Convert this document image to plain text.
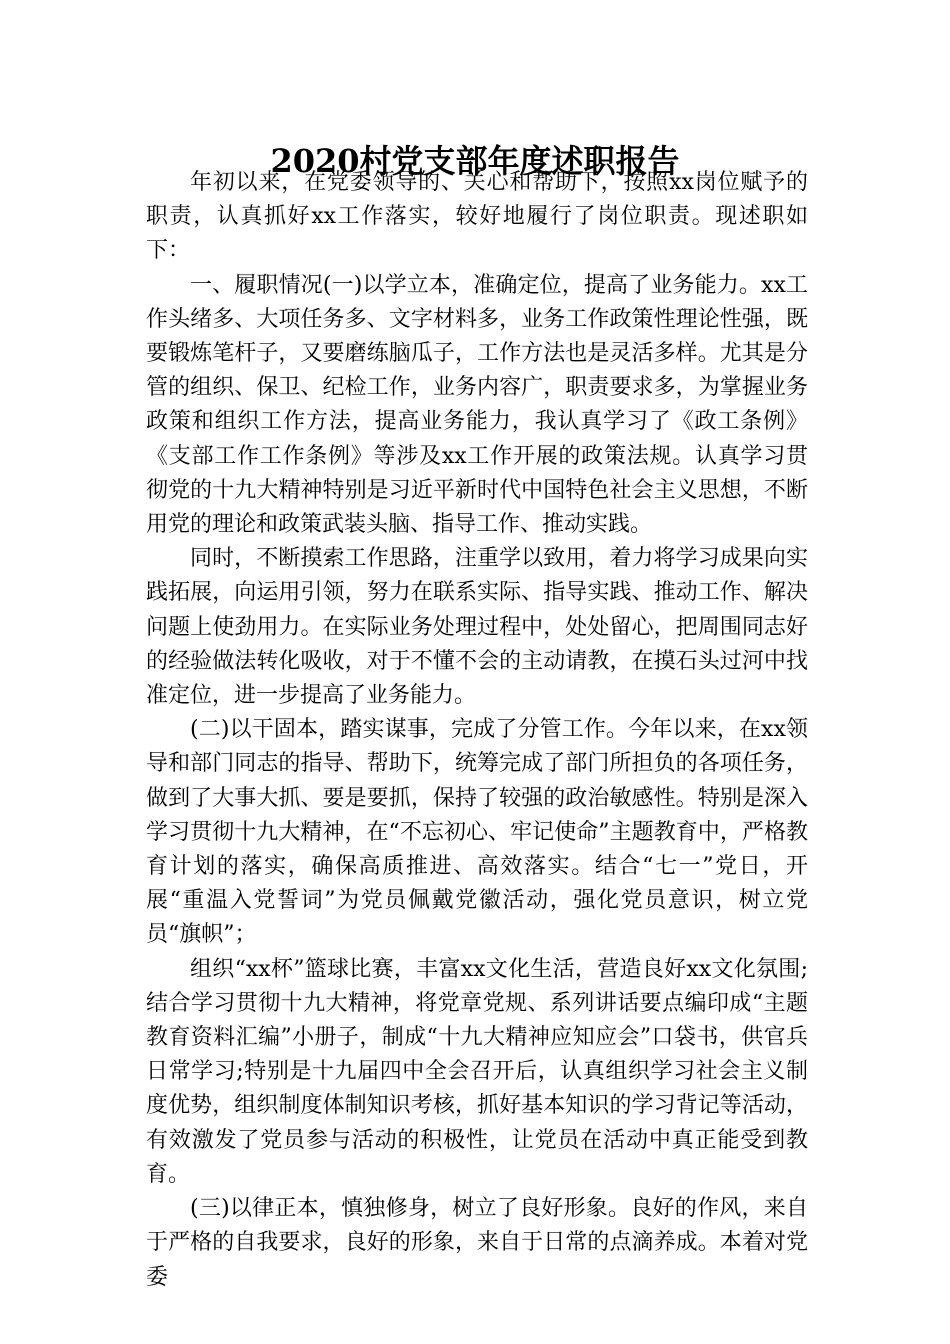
2020村党支部年度述职报告

年初以来，在党委领导的、关心和帮助下，按照xx岗位赋予的职责，认真抓好xx工作落实，较好地履行了岗位职责。现述职如下：

一、履职情况(一)以学立本，准确定位，提高了业务能力。xx工作头绪多、大项任务多、文字材料多，业务工作政策性理论性强，既要锻炼笔杆子，又要磨练脑瓜子，工作方法也是灵活多样。尤其是分管的组织、保卫、纪检工作，业务内容广，职责要求多，为掌握业务政策和组织工作方法，提高业务能力，我认真学习了《政工条例》《支部工作工作条例》等涉及xx工作开展的政策法规。认真学习贯彻党的十九大精神特别是习近平新时代中国特色社会主义思想，不断用党的理论和政策武装头脑、指导工作、推动实践。

同时，不断摸索工作思路，注重学以致用，着力将学习成果向实践拓展，向运用引领，努力在联系实际、指导实践、推动工作、解决问题上使劲用力。在实际业务处理过程中，处处留心，把周围同志好的经验做法转化吸收，对于不懂不会的主动请教，在摸石头过河中找准定位，进一步提高了业务能力。

(二)以干固本，踏实谋事，完成了分管工作。今年以来，在xx领导和部门同志的指导、帮助下，统筹完成了部门所担负的各项任务，做到了大事大抓、要是要抓，保持了较强的政治敏感性。特别是深入学习贯彻十九大精神，在“不忘初心、牢记使命”主题教育中，严格教育计划的落实，确保高质推进、高效落实。结合“七一”党日，开展“重温入党誓词”为党员佩戴党徽活动，强化党员意识，树立党员“旗帜”；

组织“xx杯”篮球比赛，丰富xx文化生活，营造良好xx文化氛围;结合学习贯彻十九大精神，将党章党规、系列讲话要点编印成“主题教育资料汇编”小册子，制成“十九大精神应知应会”口袋书，供官兵日常学习;特别是十九届四中全会召开后，认真组织学习社会主义制度优势，组织制度体制知识考核，抓好基本知识的学习背记等活动，有效激发了党员参与活动的积极性，让党员在活动中真正能受到教育。

(三)以律正本，慎独修身，树立了良好形象。良好的作风，来自于严格的自我要求，良好的形象，来自于日常的点滴养成。本着对党委
